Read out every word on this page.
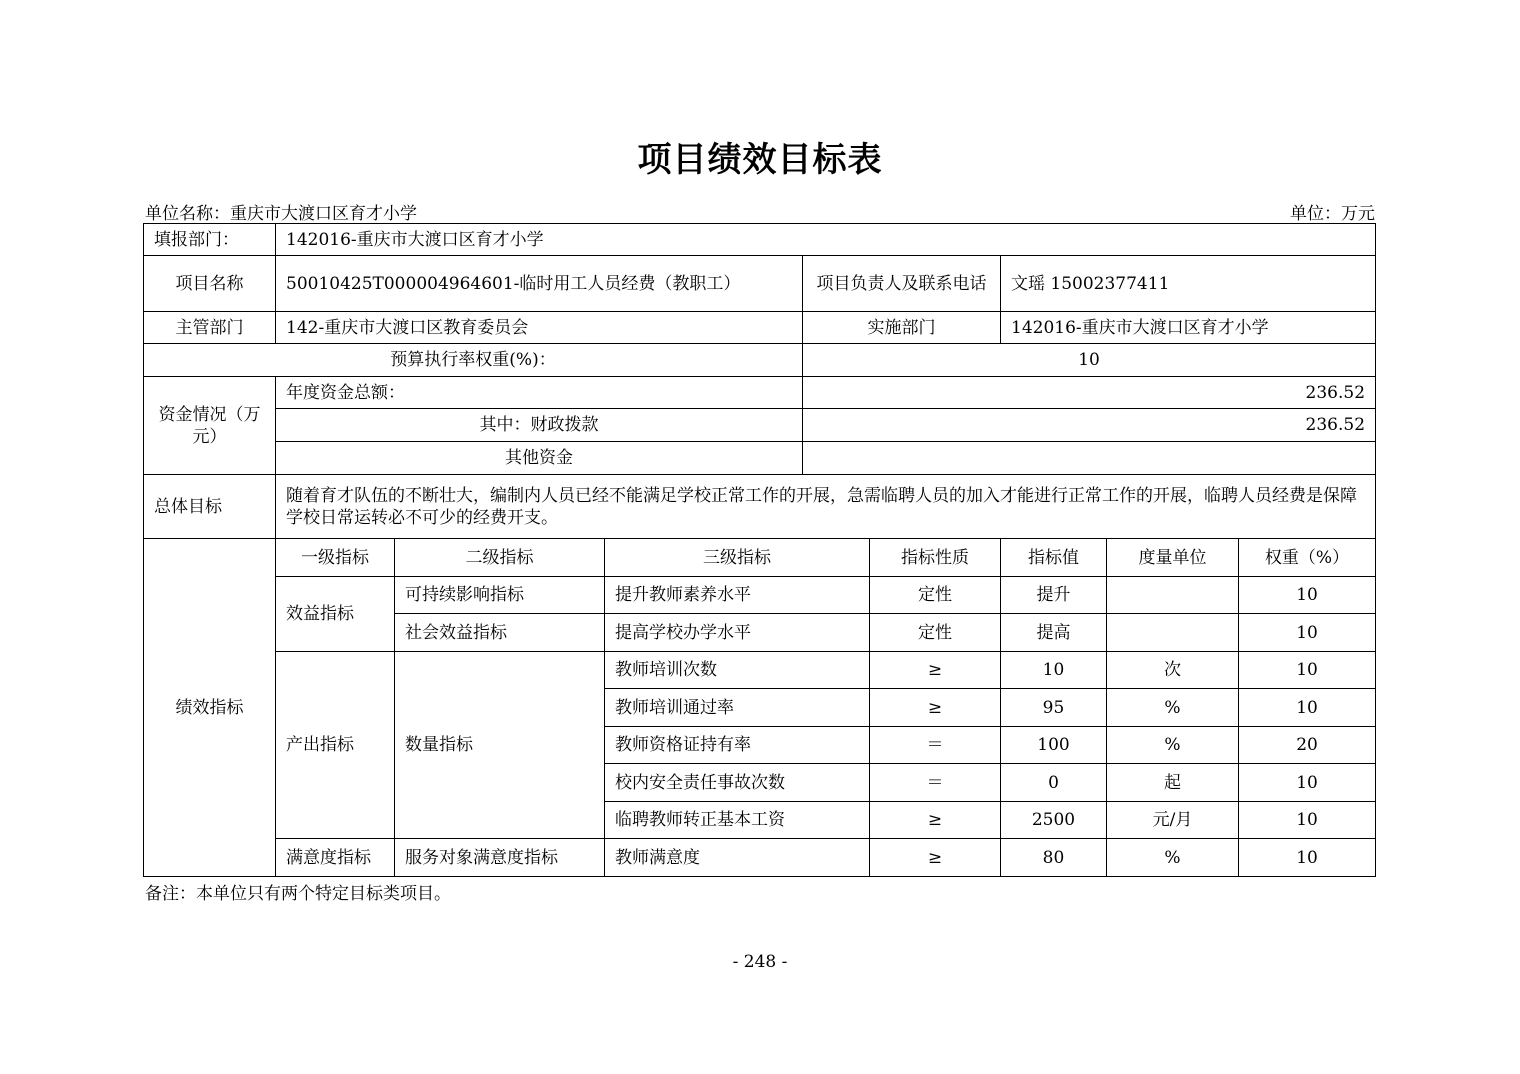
项目绩效目标表
单位名称：重庆市大渡口区育才小学	单位：万元
填报部门：	142016-重庆市大渡口区育才小学							
项目名称	50010425T000004964601-临时用工人员经费（教职工）			项目负责人及联系电话		文瑶 15002377411		
主管部门	142-重庆市大渡口区教育委员会			实施部门		142016-重庆市大渡口区育才小学		
预算执行率权重(%)：				10				
资金情况（万元）	年度资金总额：			236.52				
	其中：财政拨款			236.52				
	其他资金							
总体目标	随着育才队伍的不断壮大，编制内人员已经不能满足学校正常工作的开展，急需临聘人员的加入才能进行正常工作的开展，临聘人员经费是保障学校日常运转必不可少的经费开支。							
绩效指标	一级指标	二级指标	三级指标		指标性质	指标值	度量单位	权重（%）
	效益指标	可持续影响指标	提升教师素养水平		定性	提升		10
		社会效益指标	提高学校办学水平		定性	提高		10
	产出指标	数量指标	教师培训次数		≥	10	次	10
			教师培训通过率		≥	95	%	10
			教师资格证持有率		＝	100	%	20
			校内安全责任事故次数		＝	0	起	10
			临聘教师转正基本工资		≥	2500	元/月	10
	满意度指标	服务对象满意度指标	教师满意度		≥	80	%	10
备注：本单位只有两个特定目标类项目。
- 248 -
